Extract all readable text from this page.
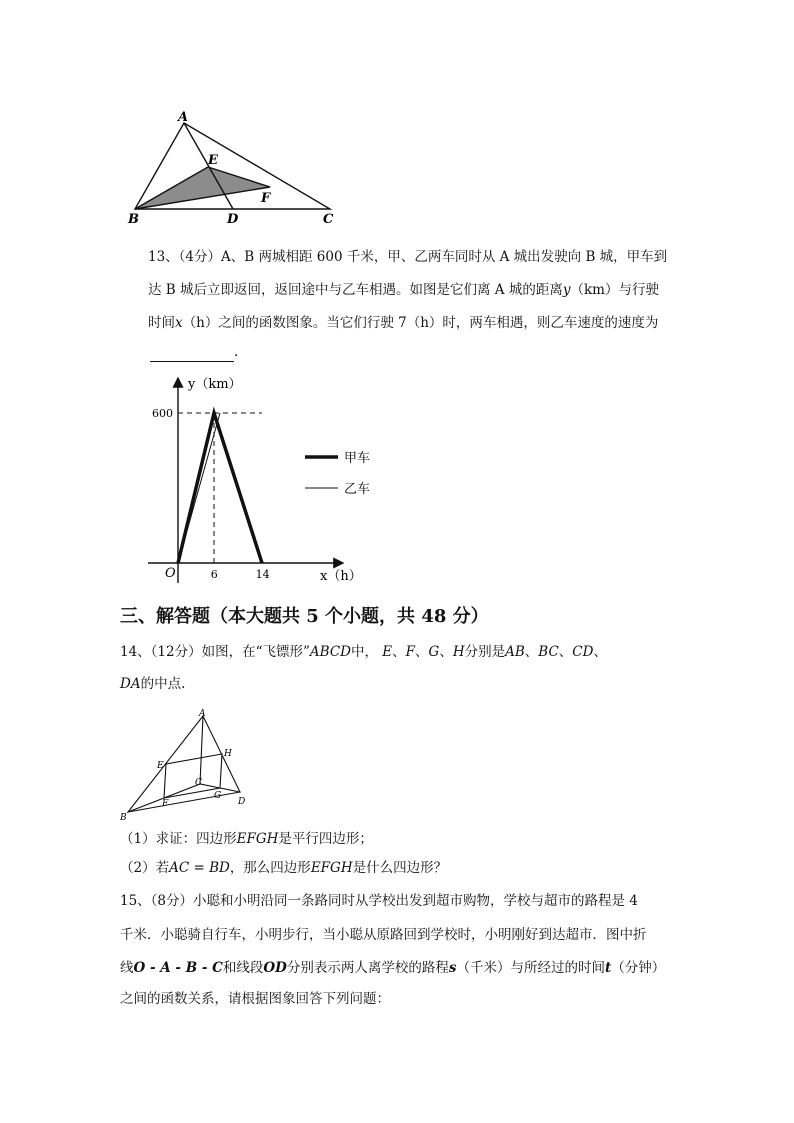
A
E
F
B	D	C
13、（4分）A、B 两城相距 600 千米，甲、乙两车同时从 A 城出发驶向 B 城，甲车到
达 B 城后立即返回，返回途中与乙车相遇。如图是它们离 A 城的距离y（km）与行驶
时间x（h）之间的函数图象。当它们行驶 7（h）时，两车相遇，则乙车速度的速度为
.
y（km）
x（h）
O
600
6	14
甲车
乙车
三、解答题（本大题共 5 个小题，共 48 分）
14、（12分）如图，在“飞镖形”ABCD中， E、F、G、H分别是AB、BC、CD、
DA的中点.
A
H
E
C
G
F	D
B
（1）求证：四边形EFGH是平行四边形；
（2）若AC = BD，那么四边形EFGH是什么四边形？
15、（8分）小聪和小明沿同一条路同时从学校出发到超市购物，学校与超市的路程是 4
千米．小聪骑自行车，小明步行，当小聪从原路回到学校时，小明刚好到达超市．图中折
线O - A - B - C和线段OD分别表示两人离学校的路程s（千米）与所经过的时间t（分钟）
之间的函数关系，请根据图象回答下列问题：
